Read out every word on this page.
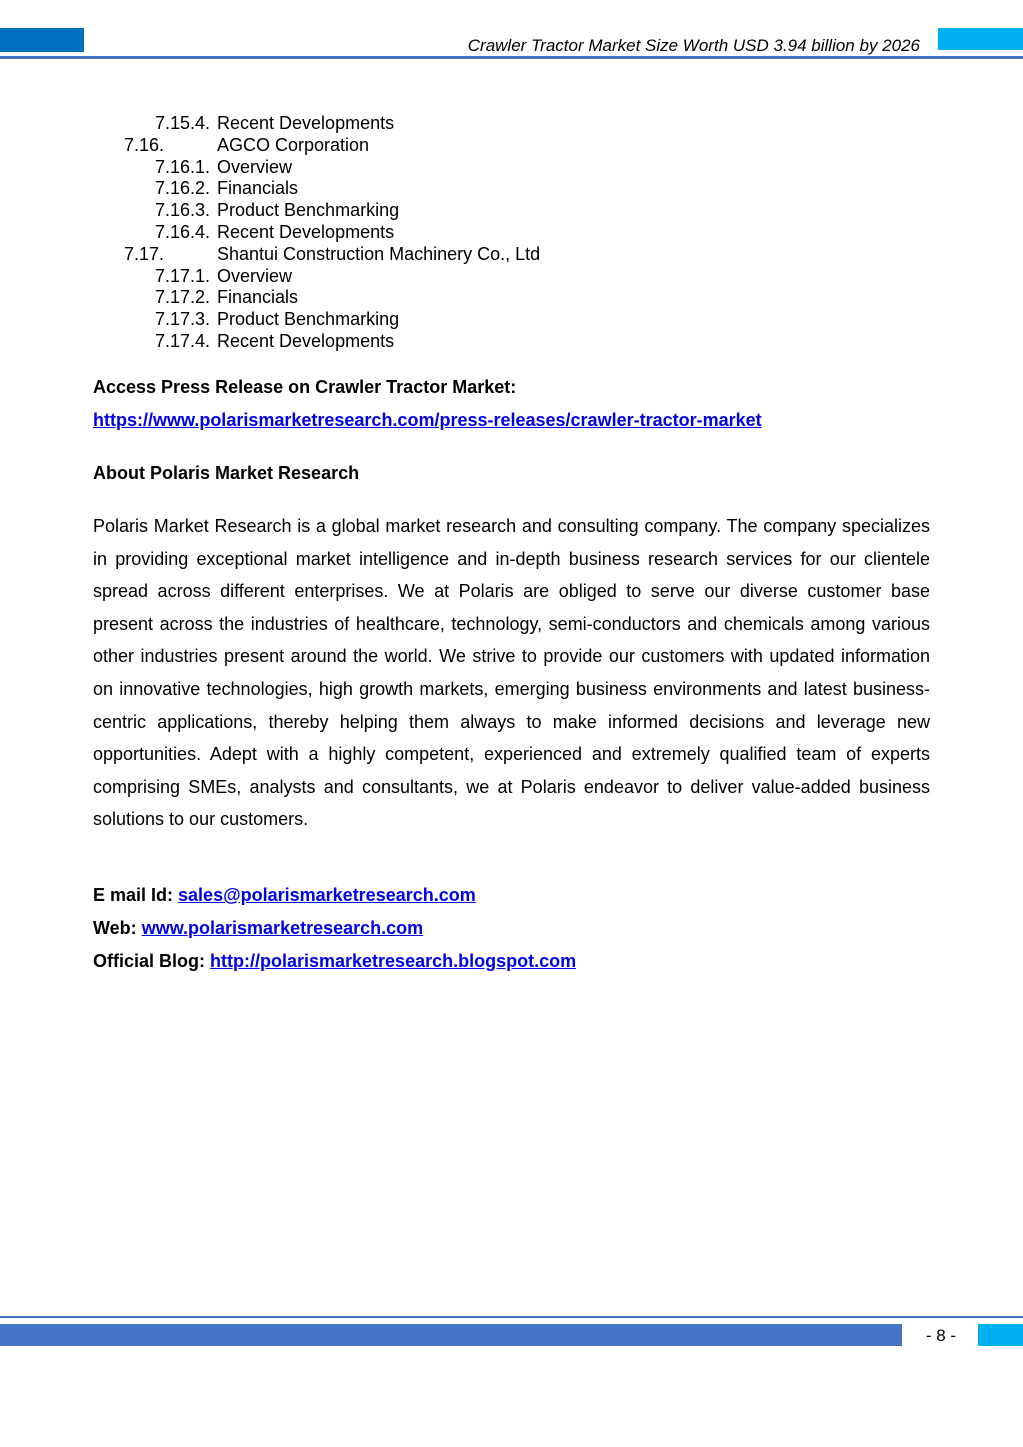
Crawler Tractor Market Size Worth USD 3.94 billion by 2026
7.15.4. Recent Developments
7.16.	AGCO Corporation
7.16.1. Overview
7.16.2. Financials
7.16.3. Product Benchmarking
7.16.4. Recent Developments
7.17.	Shantui Construction Machinery Co., Ltd
7.17.1. Overview
7.17.2. Financials
7.17.3. Product Benchmarking
7.17.4. Recent Developments
Access Press Release on Crawler Tractor Market:
https://www.polarismarketresearch.com/press-releases/crawler-tractor-market
About Polaris Market Research

Polaris Market Research is a global market research and consulting company. The company specializes in providing exceptional market intelligence and in-depth business research services for our clientele spread across different enterprises. We at Polaris are obliged to serve our diverse customer base present across the industries of healthcare, technology, semi-conductors and chemicals among various other industries present around the world. We strive to provide our customers with updated information on innovative technologies, high growth markets, emerging business environments and latest business-centric applications, thereby helping them always to make informed decisions and leverage new opportunities. Adept with a highly competent, experienced and extremely qualified team of experts comprising SMEs, analysts and consultants, we at Polaris endeavor to deliver value-added business solutions to our customers.

E mail Id: sales@polarismarketresearch.com
Web: www.polarismarketresearch.com
Official Blog: http://polarismarketresearch.blogspot.com
- 8 -
